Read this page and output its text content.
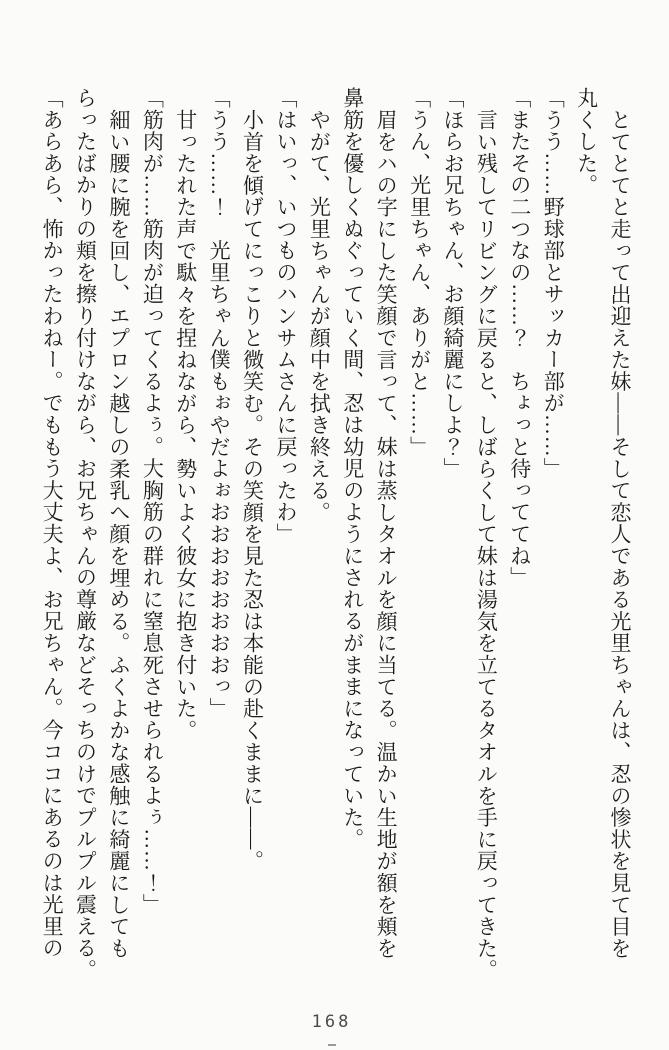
とてとてと走って出迎えた妹――そして恋人である光里ちゃんは、忍の惨状を見て目を

丸くした。

「うう……野球部とサッカー部が……」

「またその二つなの……？　ちょっと待っててね」

言い残してリビングに戻ると、しばらくして妹は湯気を立てるタオルを手に戻ってきた。

「ほらお兄ちゃん、お顔綺麗にしよ？」

「うん、光里ちゃん、ありがと……」

眉をハの字にした笑顔で言って、妹は蒸しタオルを顔に当てる。温かい生地が額を頬を

鼻筋を優しくぬぐっていく間、忍は幼児のようにされるがままになっていた。

やがて、光里ちゃんが顔中を拭き終える。

「はいっ、いつものハンサムさんに戻ったわ」

小首を傾げてにっこりと微笑む。その笑顔を見た忍は本能の赴くままに――。

「うう……！　光里ちゃん僕もぉやだよぉおおおおおおおおっ」

甘ったれた声で駄々を捏ねながら、勢いよく彼女に抱き付いた。

「筋肉が……筋肉が迫ってくるよぅ。大胸筋の群れに窒息死させられるよぅ……！」

細い腰に腕を回し、エプロン越しの柔乳へ顔を埋める。ふくよかな感触に綺麗にしても

らったばかりの頬を擦り付けながら、お兄ちゃんの尊厳などそっちのけでプルプル震える。

「あらあら、怖かったわねー。でももう大丈夫よ、お兄ちゃん。今ココにあるのは光里の

168
